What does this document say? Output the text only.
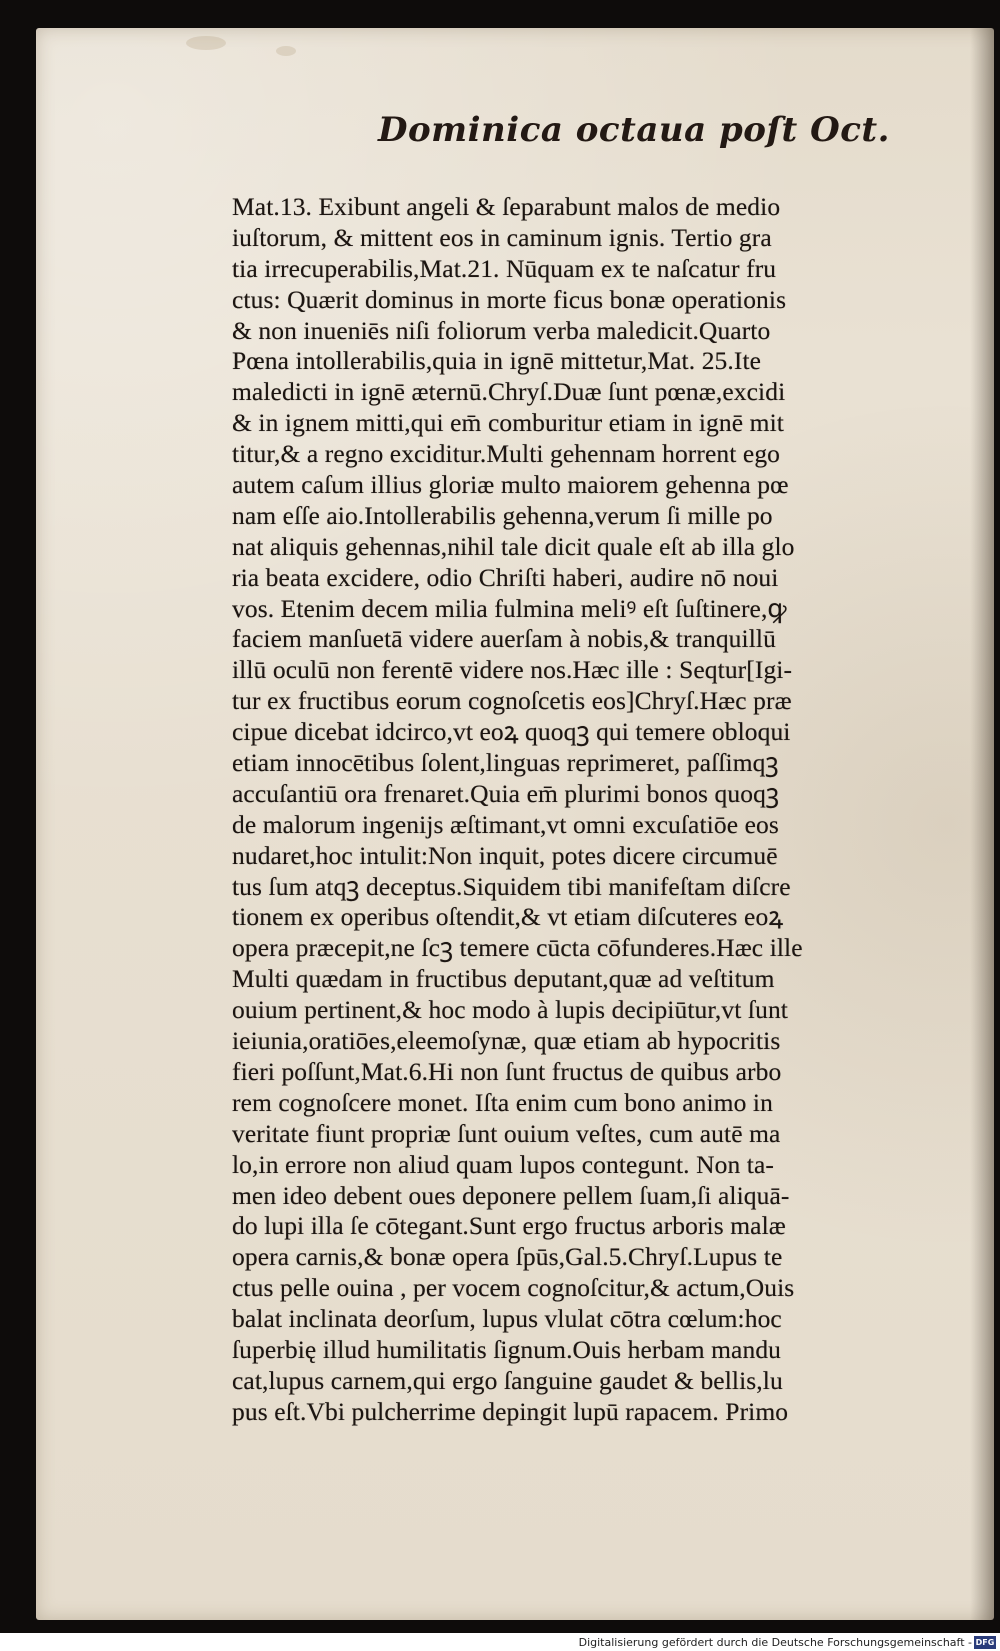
Dominica octaua poſt Oct.
Mat.13. Exibunt angeli & ſeparabunt malos de medio
iuſtorum, & mittent eos in caminum ignis. Tertio gra
tia irrecuperabilis,Mat.21. Nūquam ex te naſcatur fru
ctus: Quærit dominus in morte ficus bonæ operationis
& non inueniēs niſi foliorum verba maledicit.Quarto
Pœna intollerabilis,quia in ignē mittetur,Mat. 25.Ite
maledicti in ignē æternū.Chryſ.Duæ ſunt pœnæ,excidi
& in ignem mitti,qui em̄ comburitur etiam in ignē mit
titur,& a regno exciditur.Multi gehennam horrent ego
autem caſum illius gloriæ multo maiorem gehenna pœ
nam eſſe aio.Intollerabilis gehenna,verum ſi mille po
nat aliquis gehennas,nihil tale dicit quale eſt ab illa glo
ria beata excidere, odio Chriſti haberi, audire nō noui
vos. Etenim decem milia fulmina meliꝰ eſt ſuſtinere,ꝙ
faciem manſuetā videre auerſam à nobis,& tranquillū
illū oculū non ferentē videre nos.Hæc ille : Seqtur[Igi-
tur ex fructibus eorum cognoſcetis eos]Chryſ.Hæc præ
cipue dicebat idcirco,vt eoꝝ quoqꝫ qui temere obloqui
etiam innocētibus ſolent,linguas reprimeret, paſſimqꝫ
accuſantiū ora frenaret.Quia em̄ plurimi bonos quoqꝫ
de malorum ingenijs æſtimant,vt omni excuſatiōe eos
nudaret,hoc intulit:Non inquit, potes dicere circumuē
tus ſum atqꝫ deceptus.Siquidem tibi manifeſtam diſcre
tionem ex operibus oſtendit,& vt etiam diſcuteres eoꝝ
opera præcepit,ne ſcꝫ temere cūcta cōfunderes.Hæc ille
Multi quædam in fructibus deputant,quæ ad veſtitum
ouium pertinent,& hoc modo à lupis decipiūtur,vt ſunt
ieiunia,oratiōes,eleemoſynæ, quæ etiam ab hypocritis
fieri poſſunt,Mat.6.Hi non ſunt fructus de quibus arbo
rem cognoſcere monet. Iſta enim cum bono animo in
veritate fiunt propriæ ſunt ouium veſtes, cum autē ma
lo,in errore non aliud quam lupos contegunt. Non ta-
men ideo debent oues deponere pellem ſuam,ſi aliquā-
do lupi illa ſe cōtegant.Sunt ergo fructus arboris malæ
opera carnis,& bonæ opera ſpūs,Gal.5.Chryſ.Lupus te
ctus pelle ouina , per vocem cognoſcitur,& actum,Ouis
balat inclinata deorſum, lupus vlulat cōtra cœlum:hoc
ſuperbię illud humilitatis ſignum.Ouis herbam mandu
cat,lupus carnem,qui ergo ſanguine gaudet & bellis,lu
pus eſt.Vbi pulcherrime depingit lupū rapacem. Primo
Digitalisierung gefördert durch die Deutsche Forschungsgemeinschaft - DFG
